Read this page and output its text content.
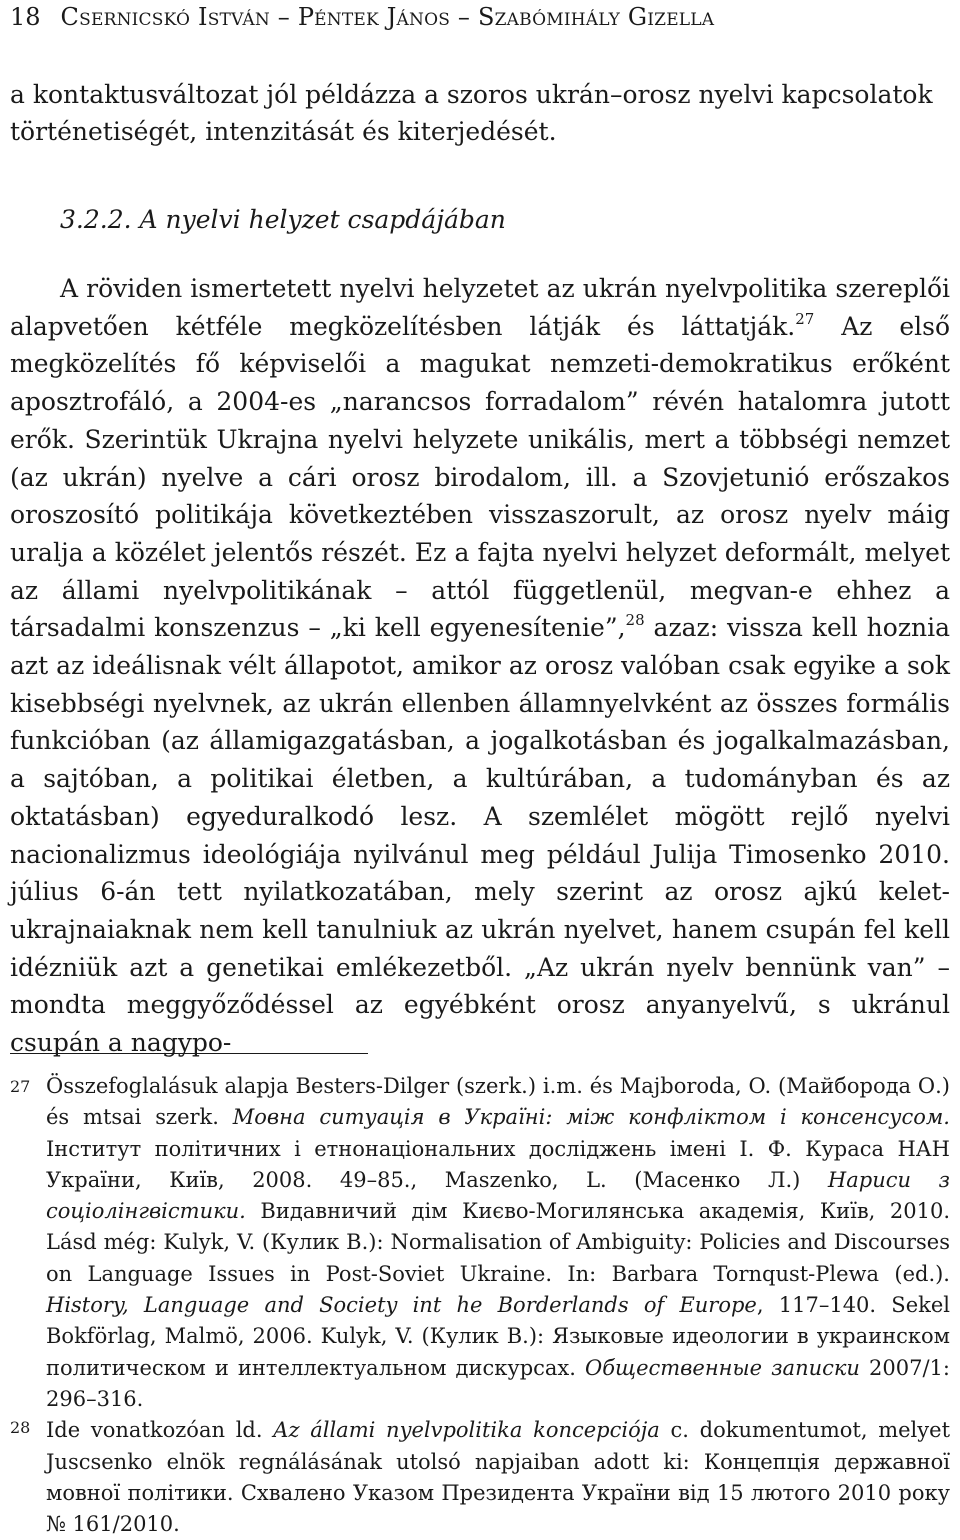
18 Csernicskó István – Péntek János – Szabómihály Gizella

a kontaktusváltozat jól példázza a szoros ukrán–orosz nyelvi kapcsolatok történetiségét, intenzitását és kiterjedését.

3.2.2. A nyelvi helyzet csapdájában

A röviden ismertetett nyelvi helyzetet az ukrán nyelvpolitika szereplői alapvetően kétféle megközelítésben látják és láttatják.$^{27}$ Az első megközelítés fő képviselői a magukat nemzeti-demokratikus erőként aposztrofáló, a 2004-es „narancsos forradalom” révén hatalomra jutott erők. Szerintük Ukrajna nyelvi helyzete unikális, mert a többségi nemzet (az ukrán) nyelve a cári orosz birodalom, ill. a Szovjetunió erőszakos oroszosító politikája következtében visszaszorult, az orosz nyelv máig uralja a közélet jelentős részét. Ez a fajta nyelvi helyzet deformált, melyet az állami nyelvpolitikának – attól függetlenül, megvan-e ehhez a társadalmi konszenzus – „ki kell egyenesítenie”,$^{28}$ azaz: vissza kell hoznia azt az ideálisnak vélt állapotot, amikor az orosz valóban csak egyike a sok kisebbségi nyelvnek, az ukrán ellenben államnyelvként az összes formális funkcióban (az államigazgatásban, a jogalkotásban és jogalkalmazásban, a sajtóban, a politikai életben, a kultúrában, a tudományban és az oktatásban) egyeduralkodó lesz. A szemlélet mögött rejlő nyelvi nacionalizmus ideológiája nyilvánul meg például Julija Timosenko 2010. július 6-án tett nyilatkozatában, mely szerint az orosz ajkú kelet-ukrajnaiaknak nem kell tanulniuk az ukrán nyelvet, hanem csupán fel kell idézniük azt a genetikai emlékezetből. „Az ukrán nyelv bennünk van” – mondta meggyőződéssel az egyébként orosz anyanyelvű, s ukránul csupán a nagypo-

27 Összefoglalásuk alapja Besters-Dilger (szerk.) i.m. és Majboroda, O. (Майборода О.) és mtsai szerk. Мовна ситуація в Україні: між конфліктом і консенсусом. Інститут політичних і етнонаціональних досліджень імені І. Ф. Кураса НАН України, Київ, 2008. 49–85., Maszenko, L. (Масенко Л.) Нариси з соціолінгвістики. Видавничий дім Києво-Могилянська академія, Київ, 2010. Lásd még: Kulyk, V. (Кулик В.): Normalisation of Ambiguity: Policies and Discourses on Language Issues in Post-Soviet Ukraine. In: Barbara Tornqust-Plewa (ed.). History, Language and Society int he Borderlands of Europe, 117–140. Sekel Bokförlag, Malmö, 2006. Kulyk, V. (Кулик В.): Языковые идеологии в украинском политическом и интеллектуальном дискурсах. Общественные записки 2007/1: 296–316.

28 Ide vonatkozóan ld. Az állami nyelvpolitika koncepciója c. dokumentumot, melyet Juscsenko elnök regnálásának utolsó napjaiban adott ki: Концепція державної мовної політики. Схвалено Указом Президента України від 15 лютого 2010 року № 161/2010.
